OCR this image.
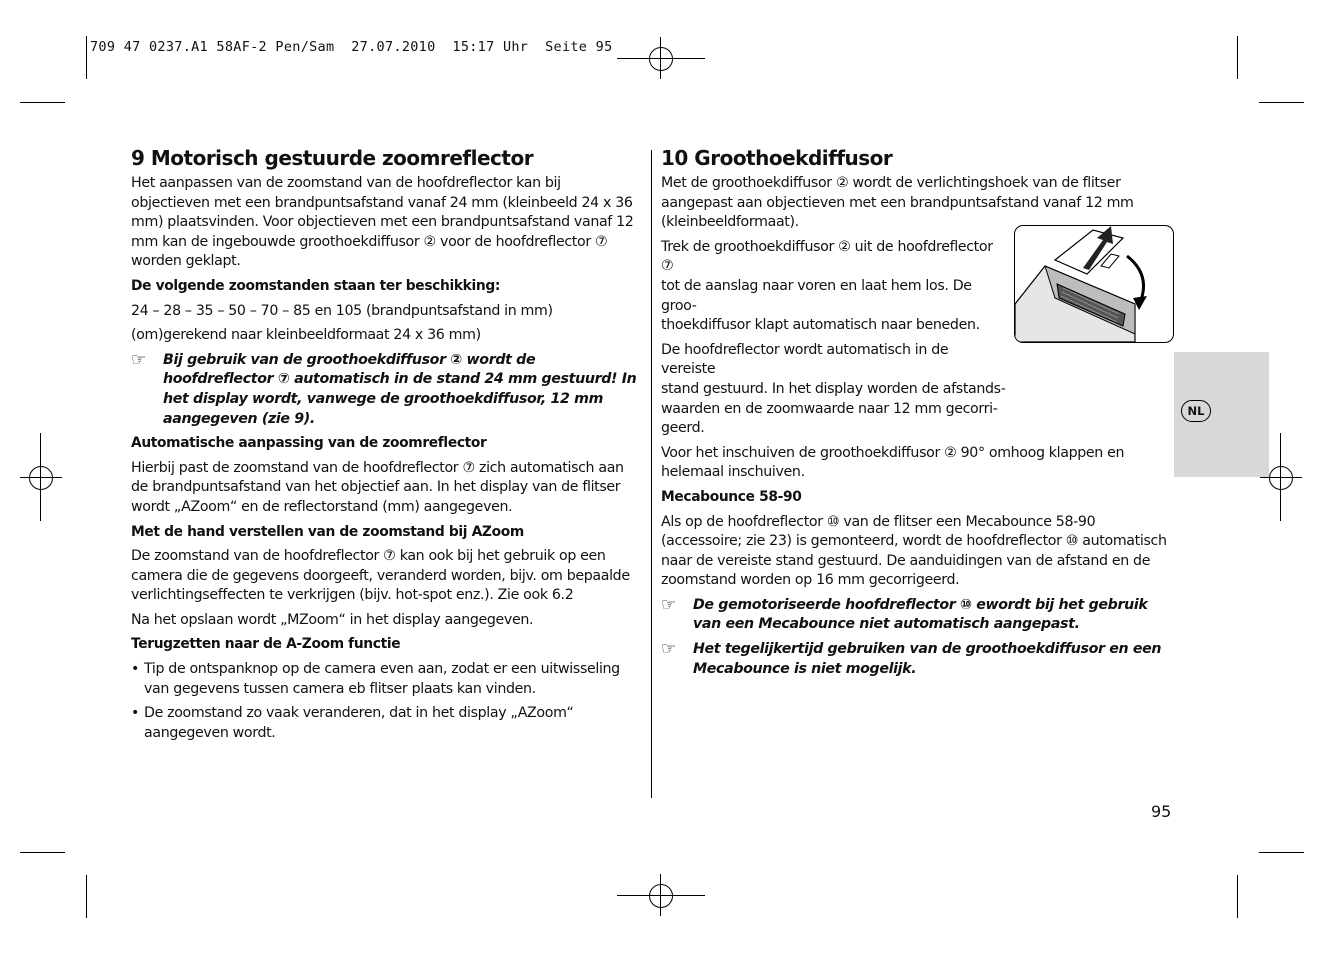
709 47 0237.A1 58AF-2 Pen/Sam  27.07.2010  15:17 Uhr  Seite 95
9 Motorisch gestuurde zoomreflector

Het aanpassen van de zoomstand van de hoofdreflector kan bij objectieven met een brandpuntsafstand vanaf 24 mm (kleinbeeld 24 x 36 mm) plaatsvinden. Voor objectieven met een brandpuntsafstand vanaf 12 mm kan de ingebouwde groothoekdiffusor ② voor de hoofdreflector ⑦ worden geklapt.

De volgende zoomstanden staan ter beschikking:

24 – 28 – 35 – 50 – 70 – 85 en 105 (brandpuntsafstand in mm)

(om)gerekend naar kleinbeeldformaat 24 x 36 mm)

☞	Bij gebruik van de groothoekdiffusor ② wordt de hoofdreflector ⑦ automatisch in de stand 24 mm gestuurd! In het display wordt, vanwege de groothoekdiffusor, 12 mm aangegeven (zie 9).

Automatische aanpassing van de zoomreflector

Hierbij past de zoomstand van de hoofdreflector ⑦ zich automatisch aan de brandpuntsafstand van het objectief aan. In het display van de flitser wordt „AZoom“ en de reflectorstand (mm) aangegeven.

Met de hand verstellen van de zoomstand bij AZoom

De zoomstand van de hoofdreflector ⑦ kan ook bij het gebruik op een camera die de gegevens doorgeeft, veranderd worden, bijv. om bepaalde verlichtingseffecten te verkrijgen (bijv. hot-spot enz.). Zie ook 6.2

Na het opslaan wordt „MZoom“ in het display aangegeven.

Terugzetten naar de A-Zoom functie

• Tip de ontspanknop op de camera even aan, zodat er een uitwisseling van gegevens tussen camera eb flitser plaats kan vinden.
• De zoomstand zo vaak veranderen, dat in het display „AZoom“ aangegeven wordt.
10 Groothoekdiffusor

Met de groothoekdiffusor ② wordt de verlichtingshoek van de flitser aangepast aan objectieven met een brandpuntsafstand vanaf 12 mm (kleinbeeldformaat).

Trek de groothoekdiffusor ② uit de hoofdreflector ⑦
tot de aanslag naar voren en laat hem los. De groo-
thoekdiffusor klapt automatisch naar beneden.

De hoofdreflector wordt automatisch in de vereiste
stand gestuurd. In het display worden de afstands-
waarden en de zoomwaarde naar 12 mm gecorri-
geerd.

Voor het inschuiven de groothoekdiffusor ② 90° omhoog klappen en helemaal inschuiven.

Mecabounce 58-90

Als op de hoofdreflector ⑩ van de flitser een Mecabounce 58-90 (accessoire; zie 23) is gemonteerd, wordt de hoofdreflector ⑩ automatisch naar de vereiste stand gestuurd. De aanduidingen van de afstand en de zoomstand worden op 16 mm gecorrigeerd.

☞	De gemotoriseerde hoofdreflector ⑩ ewordt bij het gebruik van een Mecabounce niet automatisch aangepast.
☞	Het tegelijkertijd gebruiken van de groothoekdiffusor en een Mecabounce is niet mogelijk.
NL
95
